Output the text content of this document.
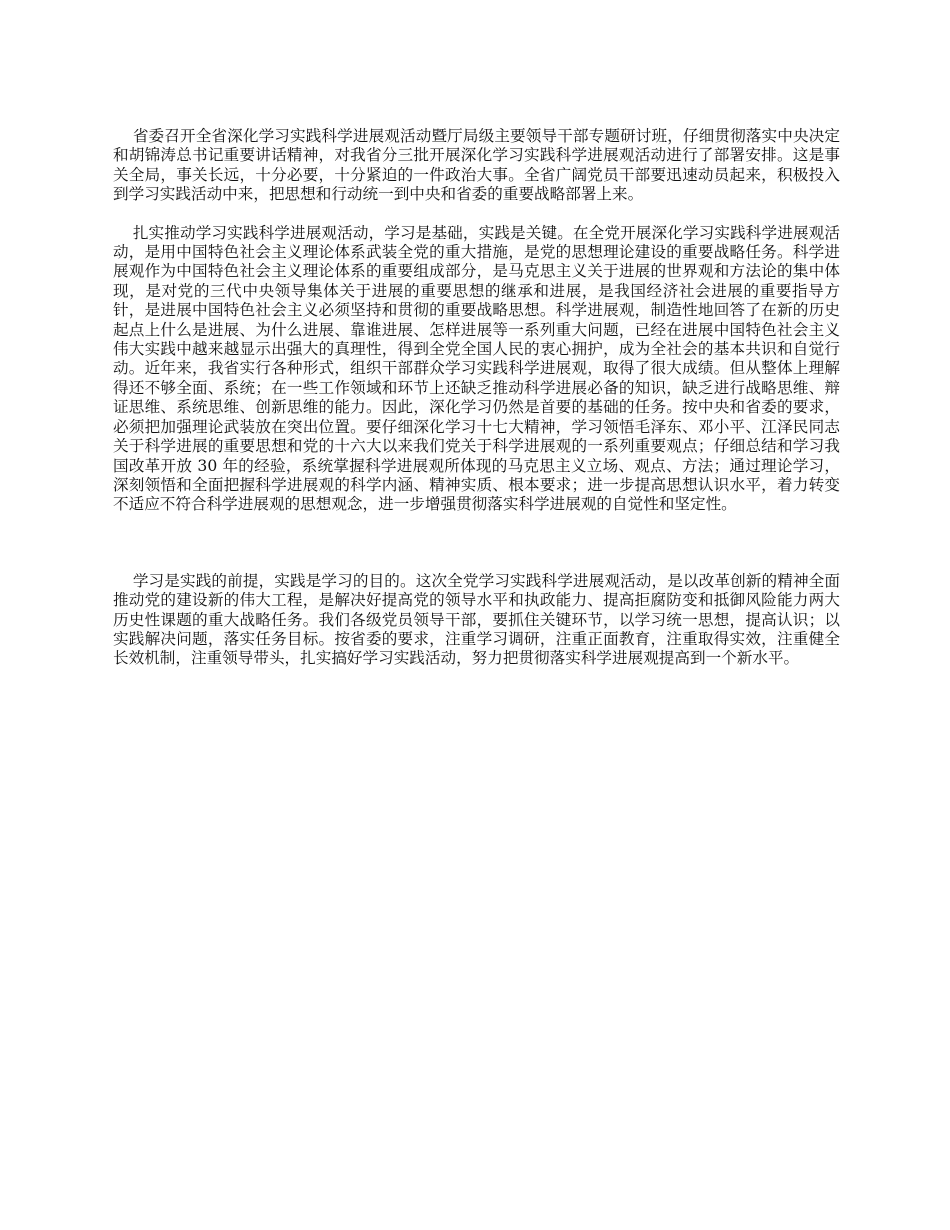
省委召开全省深化学习实践科学进展观活动暨厅局级主要领导干部专题研讨班，仔细贯彻落实中央决定和胡锦涛总书记重要讲话精神，对我省分三批开展深化学习实践科学进展观活动进行了部署安排。这是事关全局，事关长远，十分必要，十分紧迫的一件政治大事。全省广阔党员干部要迅速动员起来，积极投入到学习实践活动中来，把思想和行动统一到中央和省委的重要战略部署上来。

扎实推动学习实践科学进展观活动，学习是基础，实践是关键。在全党开展深化学习实践科学进展观活动，是用中国特色社会主义理论体系武装全党的重大措施，是党的思想理论建设的重要战略任务。科学进展观作为中国特色社会主义理论体系的重要组成部分，是马克思主义关于进展的世界观和方法论的集中体现，是对党的三代中央领导集体关于进展的重要思想的继承和进展，是我国经济社会进展的重要指导方针，是进展中国特色社会主义必须坚持和贯彻的重要战略思想。科学进展观，制造性地回答了在新的历史起点上什么是进展、为什么进展、靠谁进展、怎样进展等一系列重大问题，已经在进展中国特色社会主义伟大实践中越来越显示出强大的真理性，得到全党全国人民的衷心拥护，成为全社会的基本共识和自觉行动。近年来，我省实行各种形式，组织干部群众学习实践科学进展观，取得了很大成绩。但从整体上理解得还不够全面、系统；在一些工作领域和环节上还缺乏推动科学进展必备的知识，缺乏进行战略思维、辩证思维、系统思维、创新思维的能力。因此，深化学习仍然是首要的基础的任务。按中央和省委的要求，必须把加强理论武装放在突出位置。要仔细深化学习十七大精神，学习领悟毛泽东、邓小平、江泽民同志关于科学进展的重要思想和党的十六大以来我们党关于科学进展观的一系列重要观点；仔细总结和学习我国改革开放 30 年的经验，系统掌握科学进展观所体现的马克思主义立场、观点、方法；通过理论学习，深刻领悟和全面把握科学进展观的科学内涵、精神实质、根本要求；进一步提高思想认识水平，着力转变不适应不符合科学进展观的思想观念，进一步增强贯彻落实科学进展观的自觉性和坚定性。

学习是实践的前提，实践是学习的目的。这次全党学习实践科学进展观活动，是以改革创新的精神全面推动党的建设新的伟大工程，是解决好提高党的领导水平和执政能力、提高拒腐防变和抵御风险能力两大历史性课题的重大战略任务。我们各级党员领导干部，要抓住关键环节，以学习统一思想，提高认识；以实践解决问题，落实任务目标。按省委的要求，注重学习调研，注重正面教育，注重取得实效，注重健全长效机制，注重领导带头，扎实搞好学习实践活动，努力把贯彻落实科学进展观提高到一个新水平。
